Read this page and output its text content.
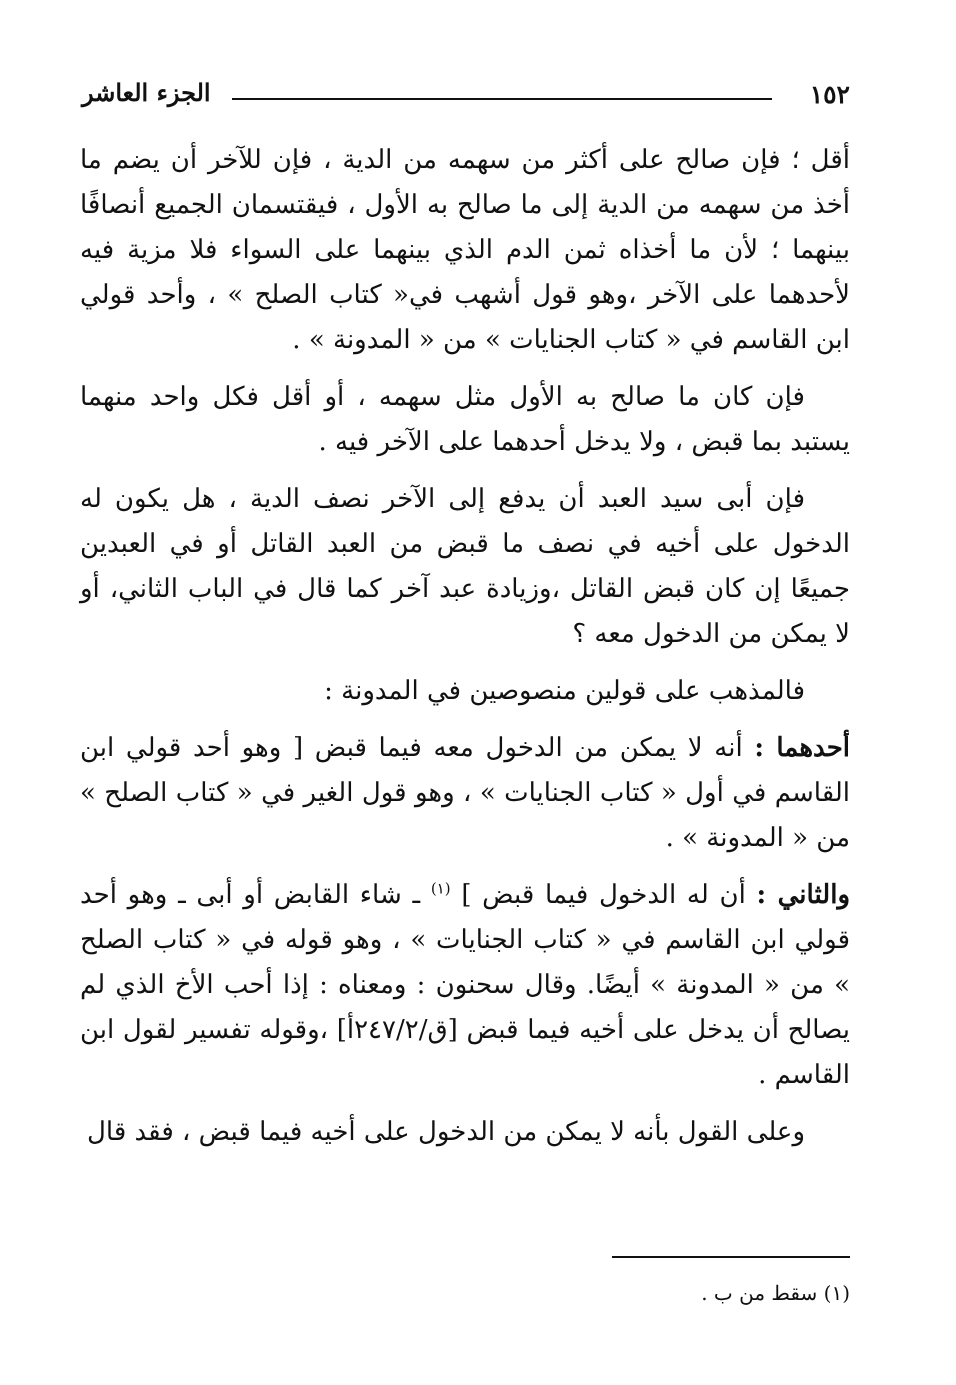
١٥٢
الجزء العاشر

أقل ؛ فإن صالح على أكثر من سهمه من الدية ، فإن للآخر أن يضم ما أخذ من سهمه من الدية إلى ما صالح به الأول ، فيقتسمان الجميع أنصافًا بينهما ؛ لأن ما أخذاه ثمن الدم الذي بينهما على السواء فلا مزية فيه لأحدهما على الآخر ،وهو قول أشهب في« كتاب الصلح » ، وأحد قولي ابن القاسم في « كتاب الجنايات » من « المدونة » .

فإن كان ما صالح به الأول مثل سهمه ، أو أقل فكل واحد منهما يستبد بما قبض ، ولا يدخل أحدهما على الآخر فيه .

فإن أبى سيد العبد أن يدفع إلى الآخر نصف الدية ، هل يكون له الدخول على أخيه في نصف ما قبض من العبد القاتل أو في العبدين جميعًا إن كان قبض القاتل ،وزيادة عبد آخر كما قال في الباب الثاني، أو لا يمكن من الدخول معه ؟

فالمذهب على قولين منصوصين في المدونة :

أحدهما : أنه لا يمكن من الدخول معه فيما قبض [ وهو أحد قولي ابن القاسم في أول « كتاب الجنايات » ، وهو قول الغير في « كتاب الصلح » من « المدونة » .

والثاني : أن له الدخول فيما قبض ] $^{(١)}$ ـ شاء القابض أو أبى ـ وهو أحد قولي ابن القاسم في « كتاب الجنايات » ، وهو قوله في « كتاب الصلح » من « المدونة » أيضًا. وقال سحنون : ومعناه : إذا أحب الأخ الذي لم يصالح أن يدخل على أخيه فيما قبض [ق/٢٤٧/٢أ] ،وقوله تفسير لقول ابن القاسم .

وعلى القول بأنه لا يمكن من الدخول على أخيه فيما قبض ، فقد قال

(١) سقط من ب .
